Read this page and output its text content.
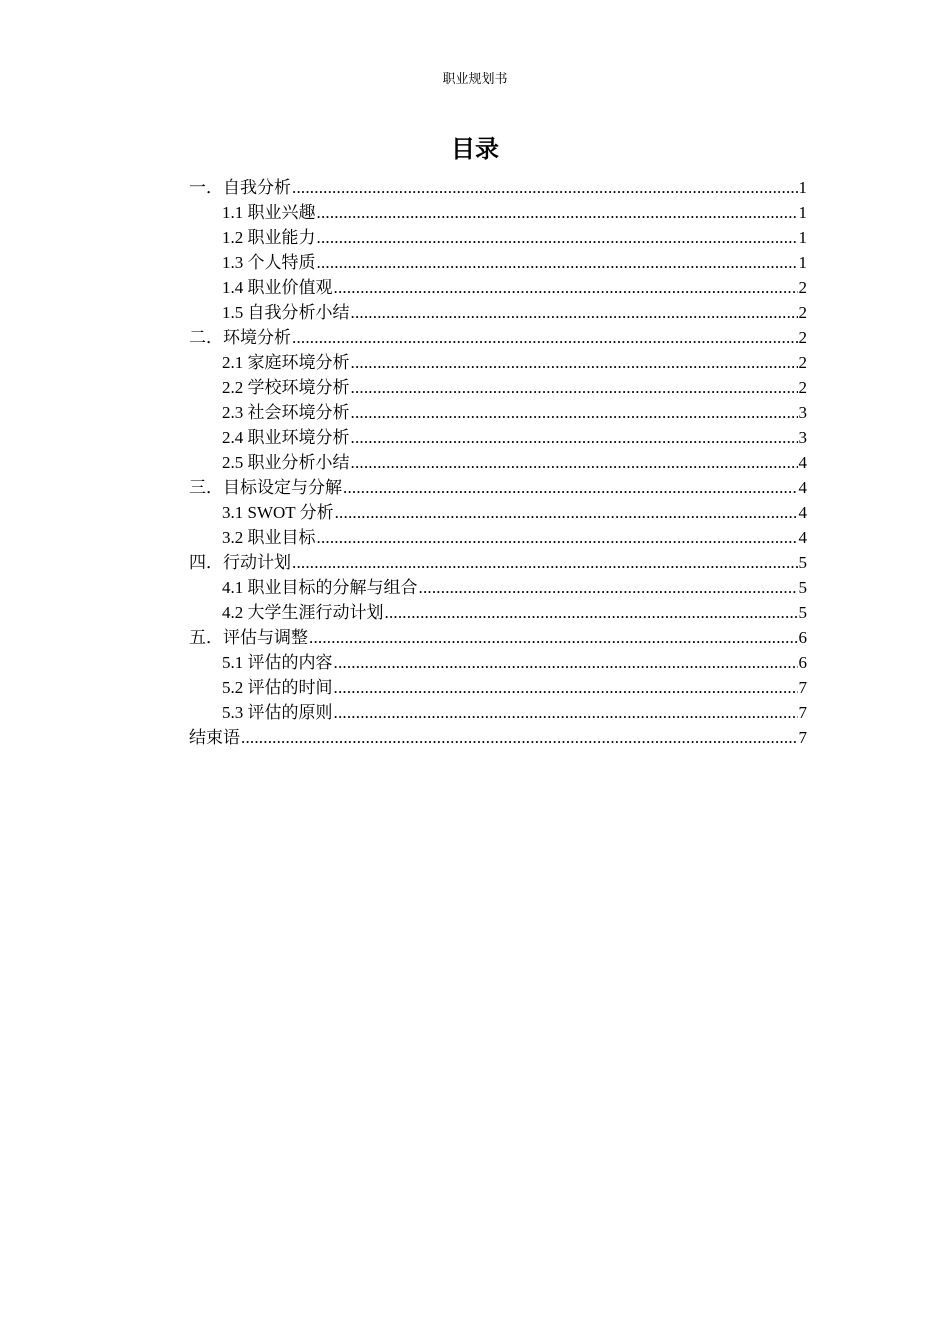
职业规划书
目录
一．自我分析 .....	1
1.1 职业兴趣 .....	1
1.2 职业能力 .....	1
1.3 个人特质 .....	1
1.4 职业价值观 .....	2
1.5 自我分析小结 .....	2
二．环境分析 .....	2
2.1 家庭环境分析 .....	2
2.2 学校环境分析 .....	2
2.3 社会环境分析 .....	3
2.4 职业环境分析 .....	3
2.5 职业分析小结 .....	4
三．目标设定与分解 .....	4
3.1 SWOT 分析 .....	4
3.2 职业目标 .....	4
四．行动计划 .....	5
4.1 职业目标的分解与组合 .....	5
4.2 大学生涯行动计划 .....	5
五．评估与调整 .....	6
5.1 评估的内容 .....	6
5.2 评估的时间 .....	7
5.3 评估的原则 .....	7
结束语 .....	7
